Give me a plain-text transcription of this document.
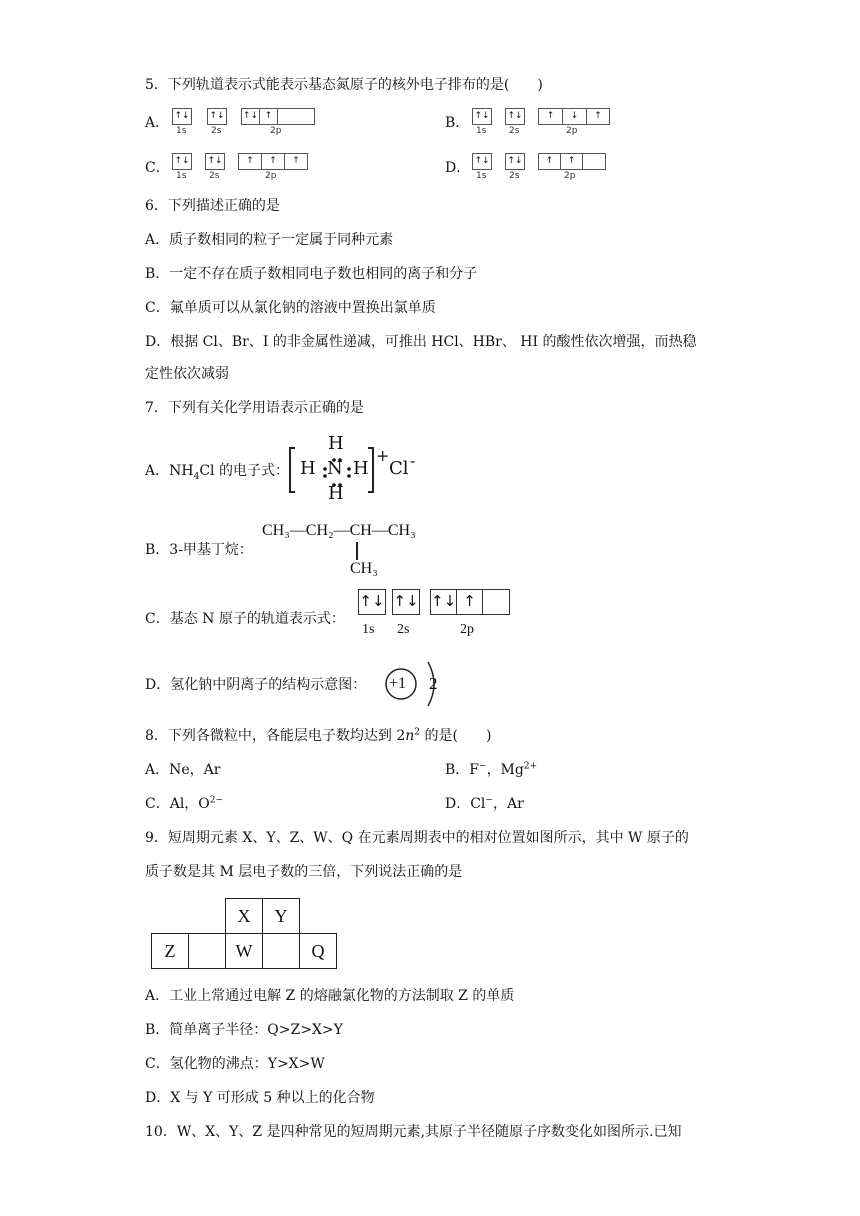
5．下列轨道表示式能表示基态氮原子的核外电子排布的是(　　)
A． ↑↓ ↑↓ ↑↓ ↑
1s	2s	2p	B． ↑↓ ↑↓	↑	↓	↑
1s	2s	2p
C． ↑↓ ↑↓	↑	↑	↑
1s	2s	2p	D． ↑↓ ↑↓	↑	↑
1s	2s	2p
6．下列描述正确的是
A．质子数相同的粒子一定属于同种元素
B．一定不存在质子数相同电子数也相同的离子和分子
C．氟单质可以从氯化钠的溶液中置换出氯单质
D．根据 Cl、Br、I 的非金属性递减，可推出 HCl、HBr、 HI 的酸性依次增强，而热稳
定性依次减弱
7．下列有关化学用语表示正确的是
A．$NH_4Cl$ 的电子式：
H
H N H
H
+
Cl -
B．3-甲基丁烷：
CH₃—CH₂—CH—CH₃
CH₃
C．基态 N 原子的轨道表示式：
↑↓ ↑↓ ↑↓ ↑
1s 2s	2p
D．氢化钠中阴离子的结构示意图： +1 2
8．下列各微粒中，各能层电子数均达到 $2n^2$ 的是(　　)
A．Ne，Ar	B．F−，$Mg^{2+}$
C．Al，$O^{2-}$	D．Cl−，Ar
9．短周期元素 X、Y、Z、W、Q 在元素周期表中的相对位置如图所示，其中 W 原子的
质子数是其 M 层电子数的三倍，下列说法正确的是
		X	Y	
Z		W		Q
A．工业上常通过电解 Z 的熔融氯化物的方法制取 Z 的单质
B．简单离子半径：Q>Z>X>Y
C．氢化物的沸点：Y>X>W
D．X 与 Y 可形成 5 种以上的化合物
10．W、X、Y、Z 是四种常见的短周期元素,其原子半径随原子序数变化如图所示.已知
